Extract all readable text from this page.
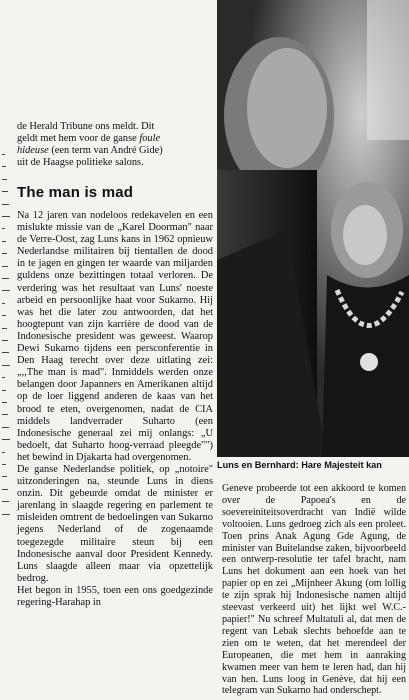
de Herald Tribune ons meldt. Dit
geldt met hem voor de ganse foule
hideuse (een term van André Gide)
uit de Haagse politieke salons.

The man is mad

Na 12 jaren van nodeloos redekavelen en een mislukte missie van de „Karel Doorman" naar de Verre-Oost, zag Luns kans in 1962 opnieuw Nederlandse militairen bij tientallen de dood in te jagen en gingen ter waarde van miljarden guldens onze bezittingen totaal verloren. De verdering was het resultaat van Luns' noeste arbeid en persoonlijke haat voor Sukarno. Hij was het die later zou antwoorden, dat het hoogtepunt van zijn karrière de dood van de Indonesische president was geweest. Waarop Dewi Sukarno tijdens een persconferentie in Den Haag terecht over deze uitlating zei: „,,The man is mad". Inmiddels werden onze belangen door Japanners en Amerikanen altijd op de loer liggend anderen de kaas van het brood te eten, overgenomen, nadat de CIA middels landverrader Suharto (een Indonesische generaal zei mij onlangs: „U bedoelt, dat Suharto hoog-verraad pleegde"") het bewind in Djakarta had overgenomen.

De ganse Nederlandse politiek, op „notoire" uitzonderingen na, steunde Luns in diens onzin. Dit gebeurde omdat de minister er jarenlang in slaagde regering en parlement te misleiden omtrent de bedoelingen van Sukarno jegens Nederland of de zogenaamde toegezegde militaire steun bij een Indonesische aanval door President Kennedy. Luns slaagde alleen maar via opzettelijk bedrog.

Het begon in 1955, toen een ons goedgezinde regering-Harahap in

Luns en Bernhard: Hare Majesteit kan

Geneve probeerde tot een akkoord te komen over de Papoea's en de soevereiniteitsoverdracht van Indië wilde voltooien. Luns gedroeg zich als een proleet. Toen prins Anak Agung Gde Agung, de minister van Buitelandse zaken, bijvoorbeeld een ontwerp-resolutie ter tafel bracht, nam Luns het dokument aan een hoek van het papier op en zei „Mijnheer Akung (om lollig te zijn sprak hij Indonesische namen altijd steevast verkeerd uit) het lijkt wel W.C.-papier!" Nu schreef Multatuli al, dat men de regent van Lebak slechts behoefde aan te zien om te weten, dat het merendeel der Europeanen, die met hem in aanraking kwamen meer van hem te leren had, dan hij van hen. Luns loog in Genève, dat hij een telegram van Sukarno had onderschept.
